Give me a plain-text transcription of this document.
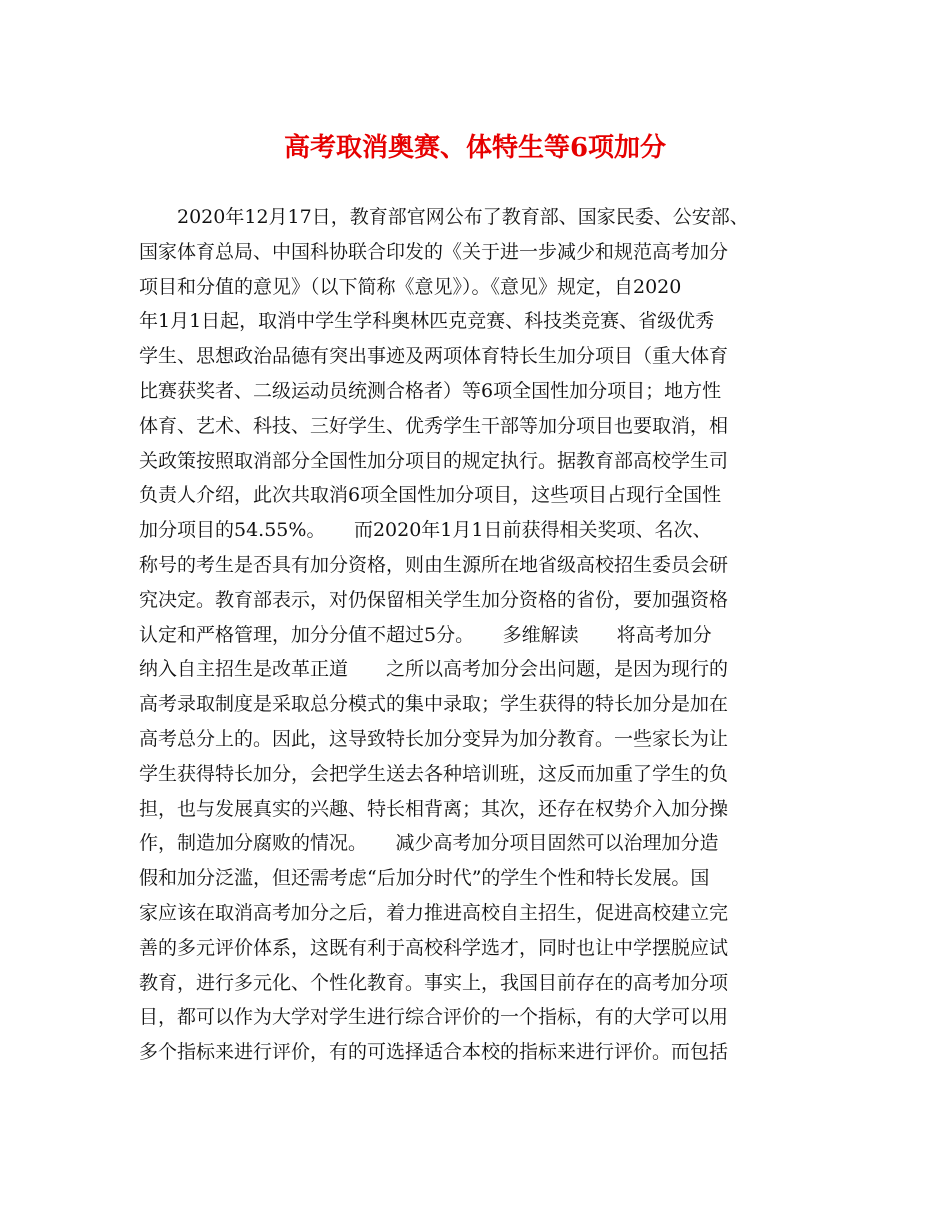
高考取消奥赛、体特生等6项加分
　　2020年12月17日，教育部官网公布了教育部、国家民委、公安部、
国家体育总局、中国科协联合印发的《关于进一步减少和规范高考加分
项目和分值的意见》（以下简称《意见》）。《意见》规定，自2020
年1月1日起，取消中学生学科奥林匹克竞赛、科技类竞赛、省级优秀
学生、思想政治品德有突出事迹及两项体育特长生加分项目（重大体育
比赛获奖者、二级运动员统测合格者）等6项全国性加分项目；地方性
体育、艺术、科技、三好学生、优秀学生干部等加分项目也要取消，相
关政策按照取消部分全国性加分项目的规定执行。据教育部高校学生司
负责人介绍，此次共取消6项全国性加分项目，这些项目占现行全国性
加分项目的54.55%。　　而2020年1月1日前获得相关奖项、名次、
称号的考生是否具有加分资格，则由生源所在地省级高校招生委员会研
究决定。教育部表示，对仍保留相关学生加分资格的省份，要加强资格
认定和严格管理，加分分值不超过5分。　　多维解读　　将高考加分
纳入自主招生是改革正道　　之所以高考加分会出问题，是因为现行的
高考录取制度是采取总分模式的集中录取；学生获得的特长加分是加在
高考总分上的。因此，这导致特长加分变异为加分教育。一些家长为让
学生获得特长加分，会把学生送去各种培训班，这反而加重了学生的负
担，也与发展真实的兴趣、特长相背离；其次，还存在权势介入加分操
作，制造加分腐败的情况。　　减少高考加分项目固然可以治理加分造
假和加分泛滥，但还需考虑“后加分时代”的学生个性和特长发展。国
家应该在取消高考加分之后，着力推进高校自主招生，促进高校建立完
善的多元评价体系，这既有利于高校科学选才，同时也让中学摆脱应试
教育，进行多元化、个性化教育。事实上，我国目前存在的高考加分项
目，都可以作为大学对学生进行综合评价的一个指标，有的大学可以用
多个指标来进行评价，有的可选择适合本校的指标来进行评价。而包括
